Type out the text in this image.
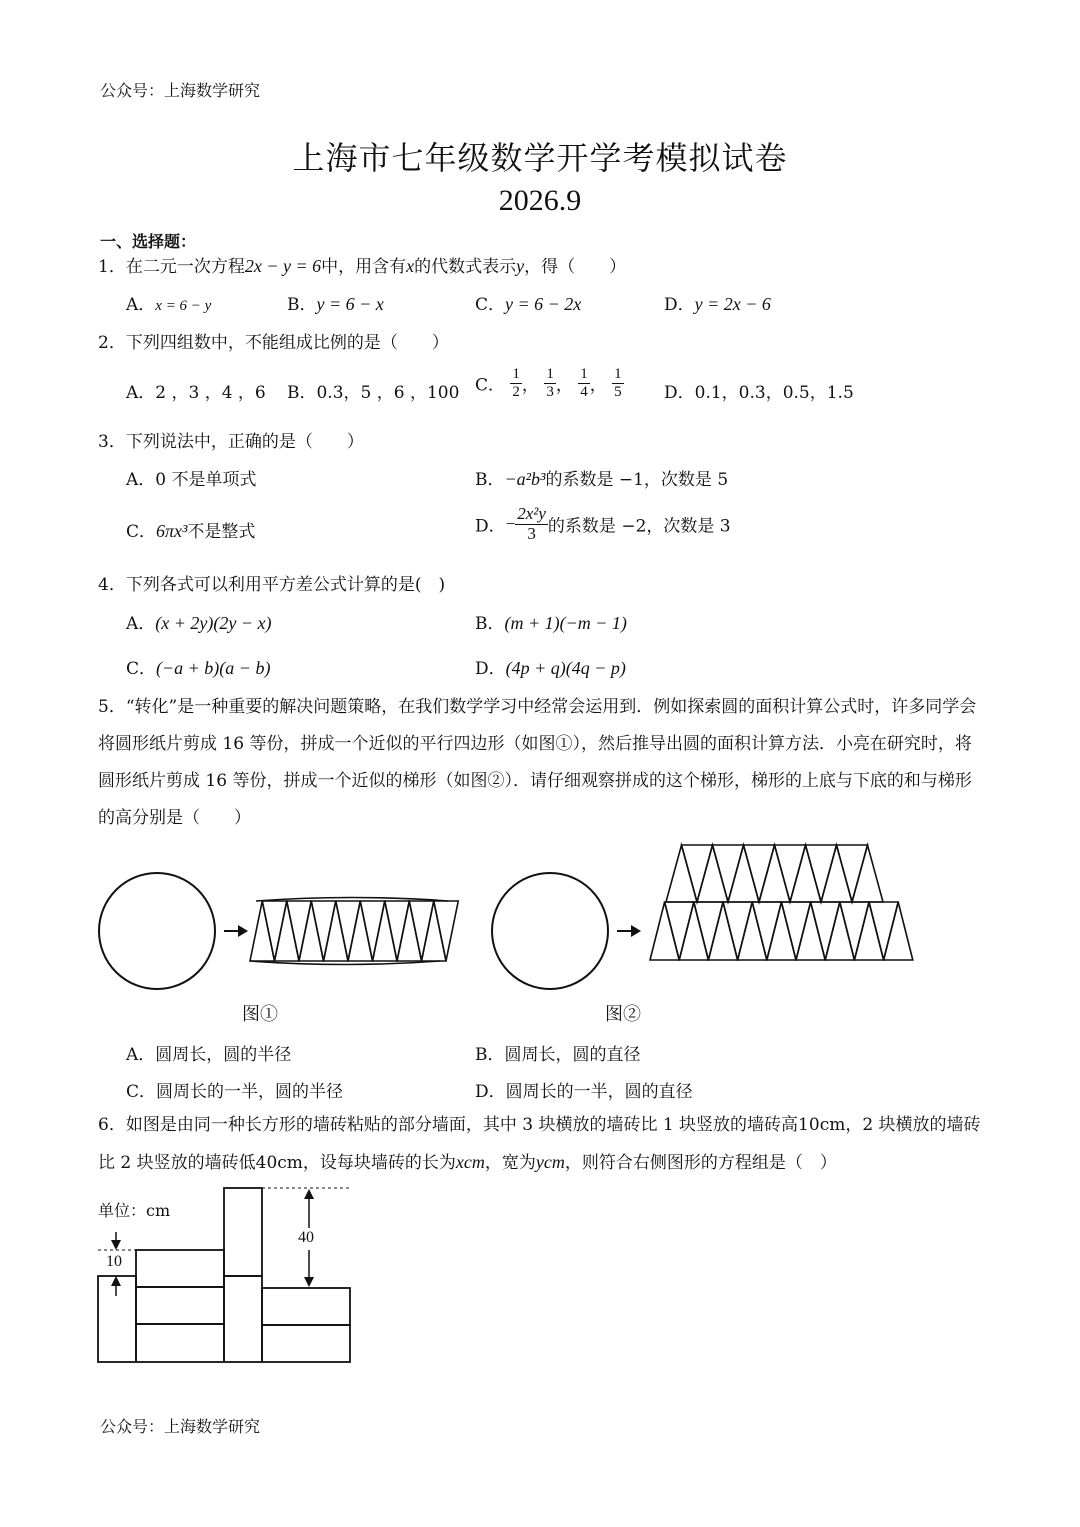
公众号：上海数学研究
上海市七年级数学开学考模拟试卷
2026.9
一、选择题：
1．在二元一次方程2x − y = 6中，用含有x的代数式表示y，得（　　）
A．x = 6 − y	B．y = 6 − x	C．y = 6 − 2x	D．y = 2x − 6
2．下列四组数中，不能组成比例的是（　　）
A．2 ，3 ，4 ，6 B．0.3，5 ，6 ，100 C． $\frac{1}{2}$ ， $\frac{1}{3}$ ， $\frac{1}{4}$ ， $\frac{1}{5}$ D．0.1，0.3，0.5，1.5
3．下列说法中，正确的是（　　）
A．0 不是单项式	B．−a²b³的系数是 −1，次数是 5
C．6πx³不是整式	D．− $\frac{\text{2x²y}}{3}$ 的系数是 −2，次数是 3
4．下列各式可以利用平方差公式计算的是(　)
A．(x + 2y)(2y − x)	B．(m + 1)(−m − 1)
C．(−a + b)(a − b)	D．(4p + q)(4q − p)
5．“转化”是一种重要的解决问题策略，在我们数学学习中经常会运用到．例如探索圆的面积计算公式时，许多同学会将圆形纸片剪成 16 等份，拼成一个近似的平行四边形（如图①），然后推导出圆的面积计算方法．小亮在研究时，将圆形纸片剪成 16 等份，拼成一个近似的梯形（如图②）．请仔细观察拼成的这个梯形，梯形的上底与下底的和与梯形的高分别是（　　）
图①	图②
A．圆周长，圆的半径	B．圆周长，圆的直径
C．圆周长的一半，圆的半径	D．圆周长的一半，圆的直径
6．如图是由同一种长方形的墙砖粘贴的部分墙面，其中 3 块横放的墙砖比 1 块竖放的墙砖高10cm，2 块横放的墙砖比 2 块竖放的墙砖低40cm，设每块墙砖的长为xcm，宽为ycm，则符合右侧图形的方程组是（　）
单位：cm
10
40
公众号：上海数学研究
